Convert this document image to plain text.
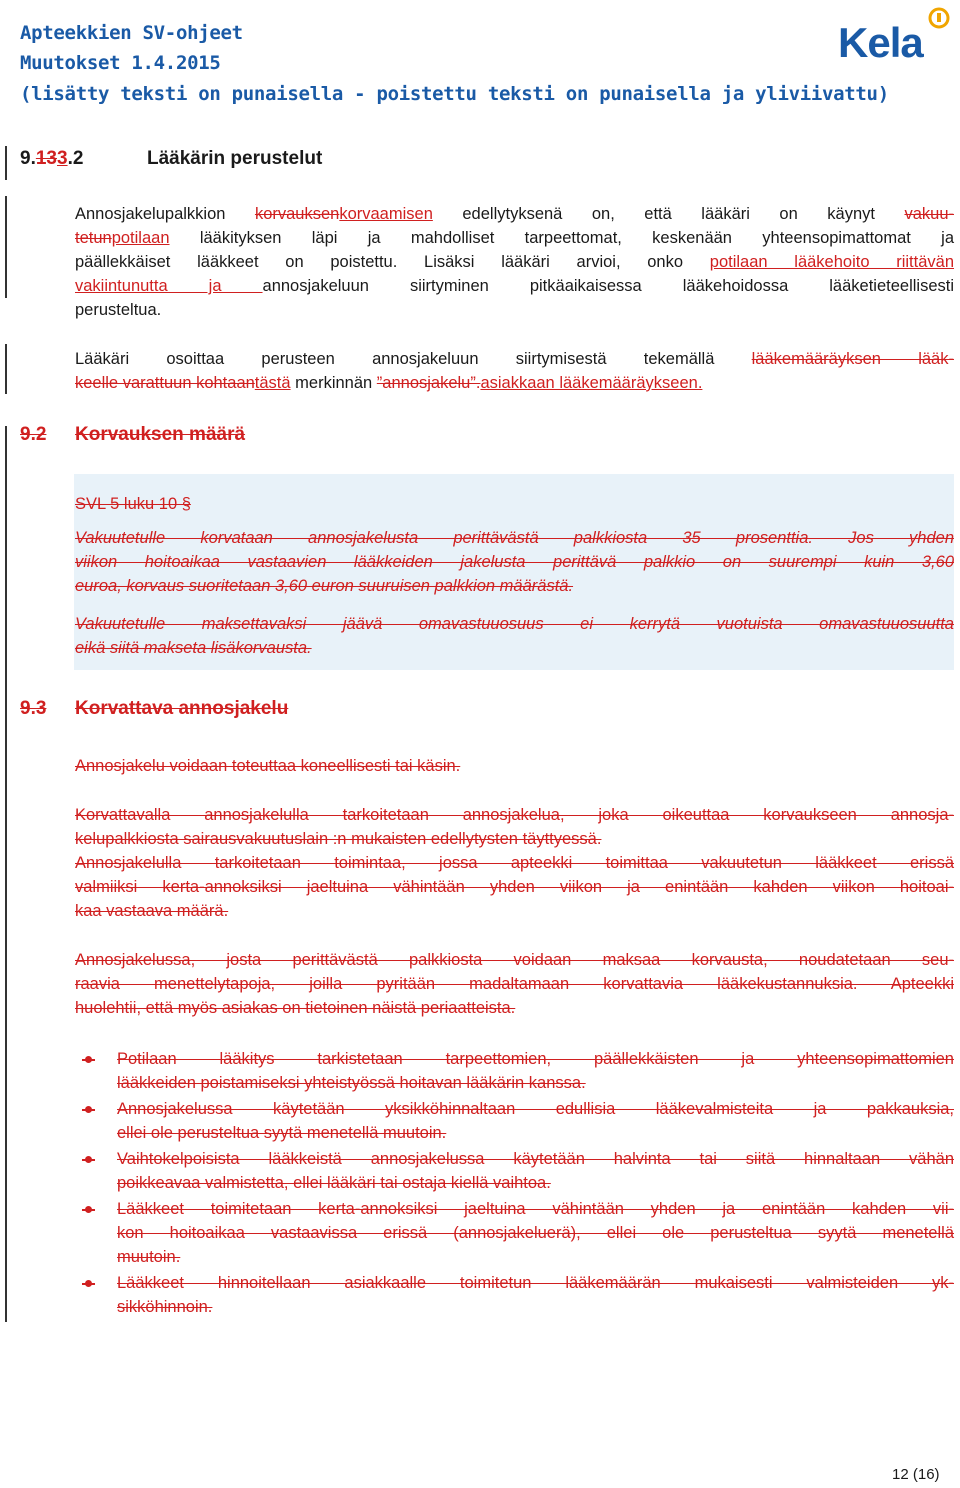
Apteekkien SV-ohjeet
Muutokset 1.4.2015
(lisätty teksti on punaisella - poistettu teksti on punaisella ja yliviivattu)
Kela
9.133.2	Lääkärin perustelut
Annosjakelupalkkion korvauksenkorvaamisen edellytyksenä on, että lääkäri on käynyt vakuu-
tetunpotilaan lääkityksen läpi ja mahdolliset tarpeettomat, keskenään yhteensopimattomat ja
päällekkäiset lääkkeet on poistettu. Lisäksi lääkäri arvioi, onko potilaan lääkehoito riittävän
vakiintunutta ja annosjakeluun siirtyminen pitkäaikaisessa lääkehoidossa lääketieteellisesti
perusteltua.
Lääkäri osoittaa perusteen annosjakeluun siirtymisestä tekemällä lääkemääräyksen lääk-
keelle varattuun kohtaantästä merkinnän ”annosjakelu”.asiakkaan lääkemääräykseen.
9.2 Korvauksen määrä
SVL 5 luku 10 §
Vakuutetulle korvataan annosjakelusta perittävästä palkkiosta 35 prosenttia. Jos yhden
viikon hoitoaikaa vastaavien lääkkeiden jakelusta perittävä palkkio on suurempi kuin 3,60
euroa, korvaus suoritetaan 3,60 euron suuruisen palkkion määrästä.
Vakuutetulle maksettavaksi jäävä omavastuuosuus ei kerrytä vuotuista omavastuuosuutta
eikä siitä makseta lisäkorvausta.
9.3 Korvattava annosjakelu
Annosjakelu voidaan toteuttaa koneellisesti tai käsin.
Korvattavalla annosjakelulla tarkoitetaan annosjakelua, joka oikeuttaa korvaukseen annosja-
kelupalkkiosta sairausvakuutuslain :n mukaisten edellytysten täyttyessä.
Annosjakelulla tarkoitetaan toimintaa, jossa apteekki toimittaa vakuutetun lääkkeet erissä
valmiiksi kerta-annoksiksi jaeltuina vähintään yhden viikon ja enintään kahden viikon hoitoai-
kaa vastaava määrä.
Annosjakelussa, josta perittävästä palkkiosta voidaan maksaa korvausta, noudatetaan seu-
raavia menettelytapoja, joilla pyritään madaltamaan korvattavia lääkekustannuksia. Apteekki
huolehtii, että myös asiakas on tietoinen näistä periaatteista.
Potilaan lääkitys tarkistetaan tarpeettomien, päällekkäisten ja yhteensopimattomien
lääkkeiden poistamiseksi yhteistyössä hoitavan lääkärin kanssa.
Annosjakelussa käytetään yksikköhinnaltaan edullisia lääkevalmisteita ja pakkauksia,
ellei ole perusteltua syytä menetellä muutoin.
Vaihtokelpoisista lääkkeistä annosjakelussa käytetään halvinta tai siitä hinnaltaan vähän
poikkeavaa valmistetta, ellei lääkäri tai ostaja kiellä vaihtoa.
Lääkkeet toimitetaan kerta-annoksiksi jaeltuina vähintään yhden ja enintään kahden vii-
kon hoitoaikaa vastaavissa erissä (annosjakeluerä), ellei ole perusteltua syytä menetellä
muutoin.
Lääkkeet hinnoitellaan asiakkaalle toimitetun lääkemäärän mukaisesti valmisteiden yk-
sikköhinnoin.
12 (16)
